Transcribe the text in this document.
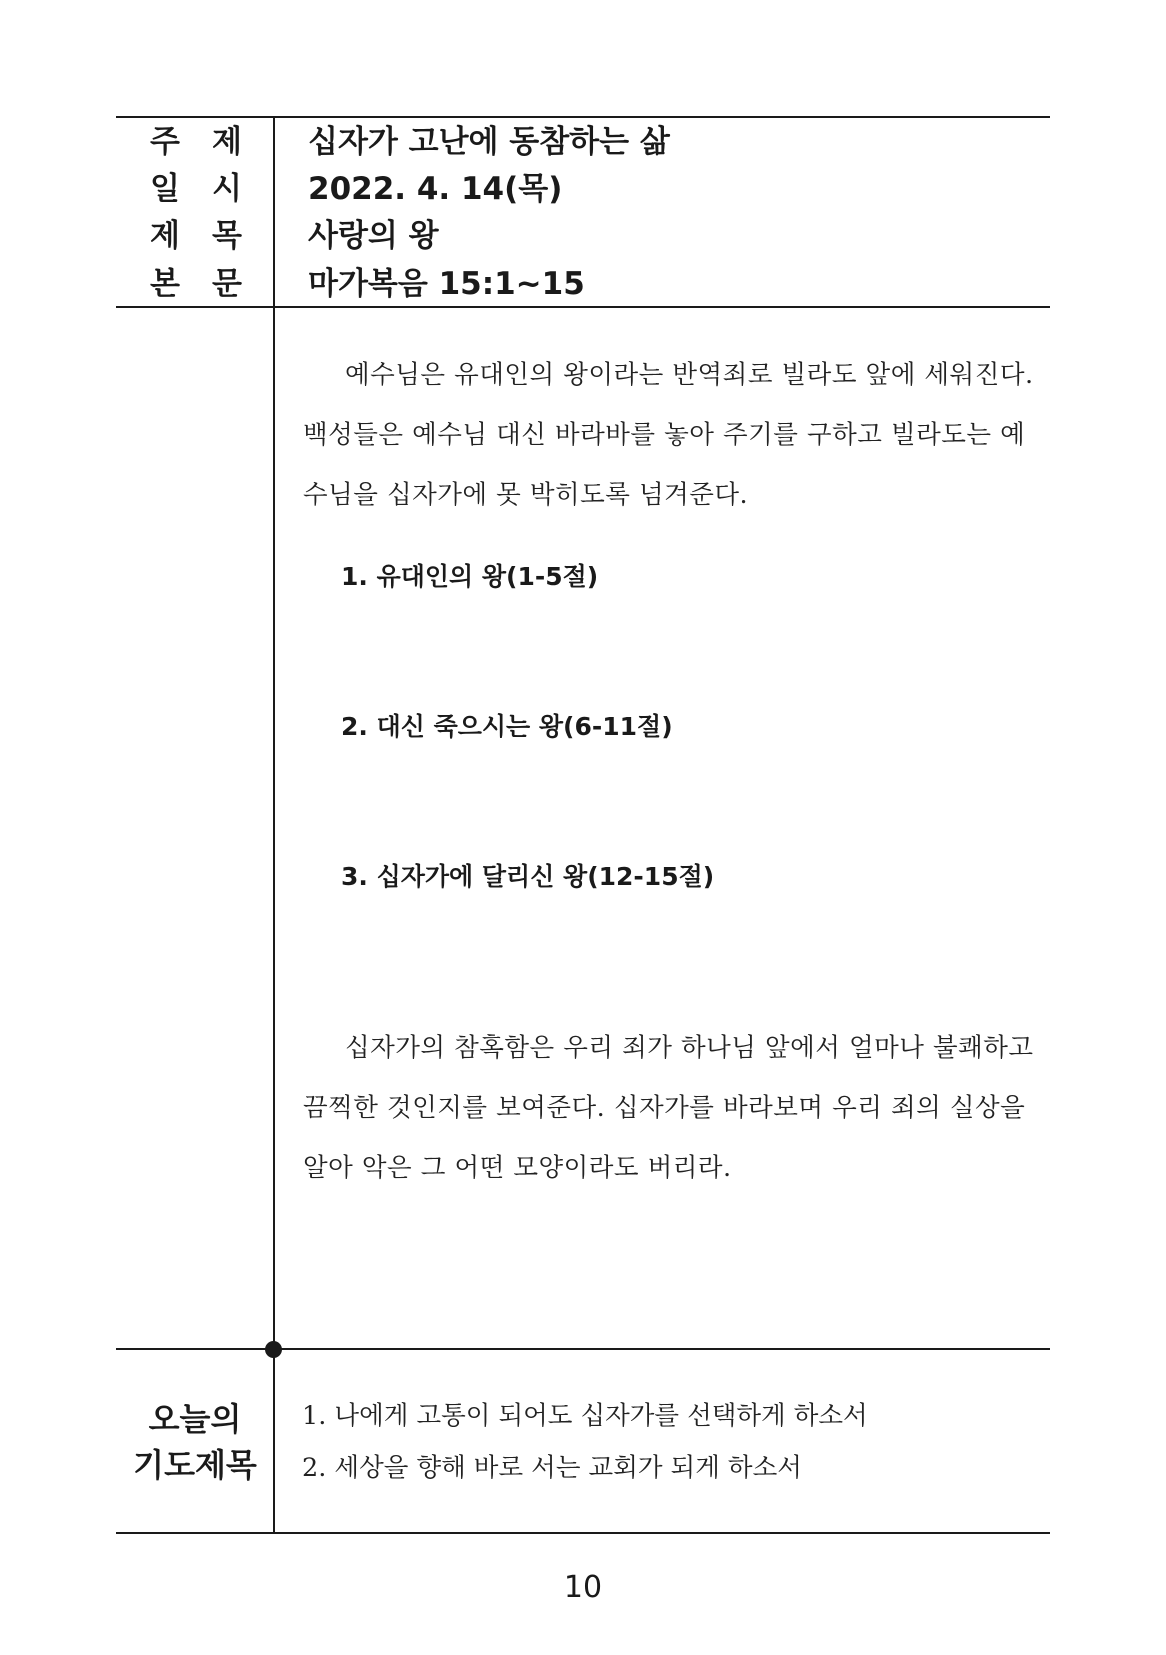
주 제 십자가 고난에 동참하는 삶
일 시 2022. 4. 14(목)
제 목 사랑의 왕
본 문 마가복음 15:1~15

예수님은 유대인의 왕이라는 반역죄로 빌라도 앞에 세워진다. 백성들은 예수님 대신 바라바를 놓아 주기를 구하고 빌라도는 예수님을 십자가에 못 박히도록 넘겨준다.

1. 유대인의 왕(1-5절)
2. 대신 죽으시는 왕(6-11절)
3. 십자가에 달리신 왕(12-15절)

십자가의 참혹함은 우리 죄가 하나님 앞에서 얼마나 불쾌하고 끔찍한 것인지를 보여준다. 십자가를 바라보며 우리 죄의 실상을 알아 악은 그 어떤 모양이라도 버리라.

오늘의
기도제목
1. 나에게 고통이 되어도 십자가를 선택하게 하소서
2. 세상을 향해 바로 서는 교회가 되게 하소서
10
